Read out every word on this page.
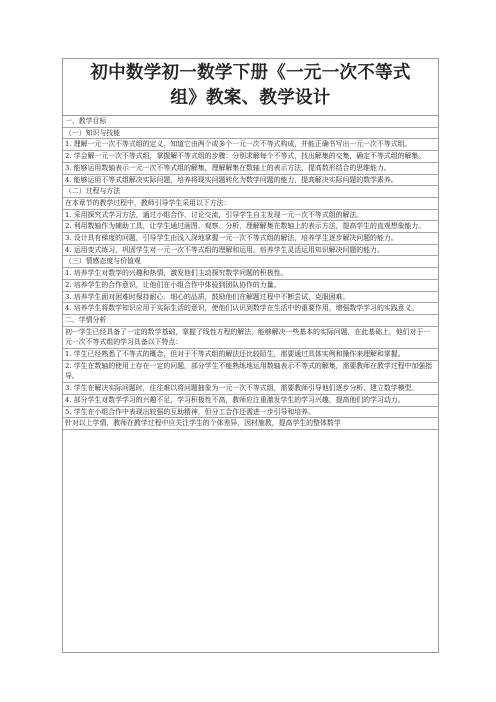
初中数学初一数学下册《一元一次不等式
组》教案、教学设计
一、教学目标
（一）知识与技能
1. 理解一元一次不等式组的定义，知道它由两个或多个一元一次不等式构成，并能正确书写出一元一次不等式组。
2. 学会解一元一次不等式组，掌握解不等式组的步骤：分别求解每个不等式，找出解集的交集，确定不等式组的解集。
3. 能够运用数轴表示一元一次不等式组的解集，理解解集在数轴上的表示方法，提高数形结合的思维能力。
4. 能够运用不等式组解决实际问题，培养将现实问题转化为数学问题的能力，提高解决实际问题的数学素养。
（二）过程与方法
在本章节的教学过程中，教师引导学生采用以下方法：
1. 采用探究式学习方法，通过小组合作、讨论交流，引导学生自主发现一元一次不等式组的解法。
2. 利用数轴作为辅助工具，让学生通过画图、观察、分析，理解解集在数轴上的表示方法，提高学生的直观想象能力。
3. 设计具有梯度的问题，引导学生由浅入深地掌握一元一次不等式组的解法，培养学生逐步解决问题的能力。
4. 运用变式练习，巩固学生对一元一次不等式组的理解和运用，培养学生灵活运用知识解决问题的能力。
（三）情感态度与价值观
1. 培养学生对数学的兴趣和热情，激发他们主动探究数学问题的积极性。
2. 培养学生的合作意识，让他们在小组合作中体验到团队协作的力量。
3. 培养学生面对困难时保持耐心、细心的品质，鼓励他们在解题过程中不断尝试、克服困难。
4. 培养学生将数学知识应用于实际生活的意识，使他们认识到数学在生活中的重要作用，增强数学学习的实践意义。
二、学情分析
初一学生已经具备了一定的数学基础，掌握了线性方程的解法，能够解决一些基本的实际问题，在此基础上，他们对于一元一次不等式组的学习具备以下特点：
1. 学生已经熟悉了不等式的概念，但对于不等式组的解法还比较陌生，需要通过具体实例和操作来理解和掌握。
2. 学生在数轴的使用上存在一定的问题，部分学生不能熟练地运用数轴表示不等式的解集，需要教师在教学过程中加强指导。
3. 学生在解决实际问题时，往往难以将问题抽象为一元一次不等式组，需要教师引导他们逐步分析、建立数学模型。
4. 部分学生对数学学习的兴趣不足，学习积极性不高，教师应注重激发学生的学习兴趣，提高他们的学习动力。
5. 学生在小组合作中表现出较强的互助精神，但分工合作还需进一步引导和培养。
针对以上学情，教师在教学过程中应关注学生的个体差异，因材施教，提高学生的整体数学
